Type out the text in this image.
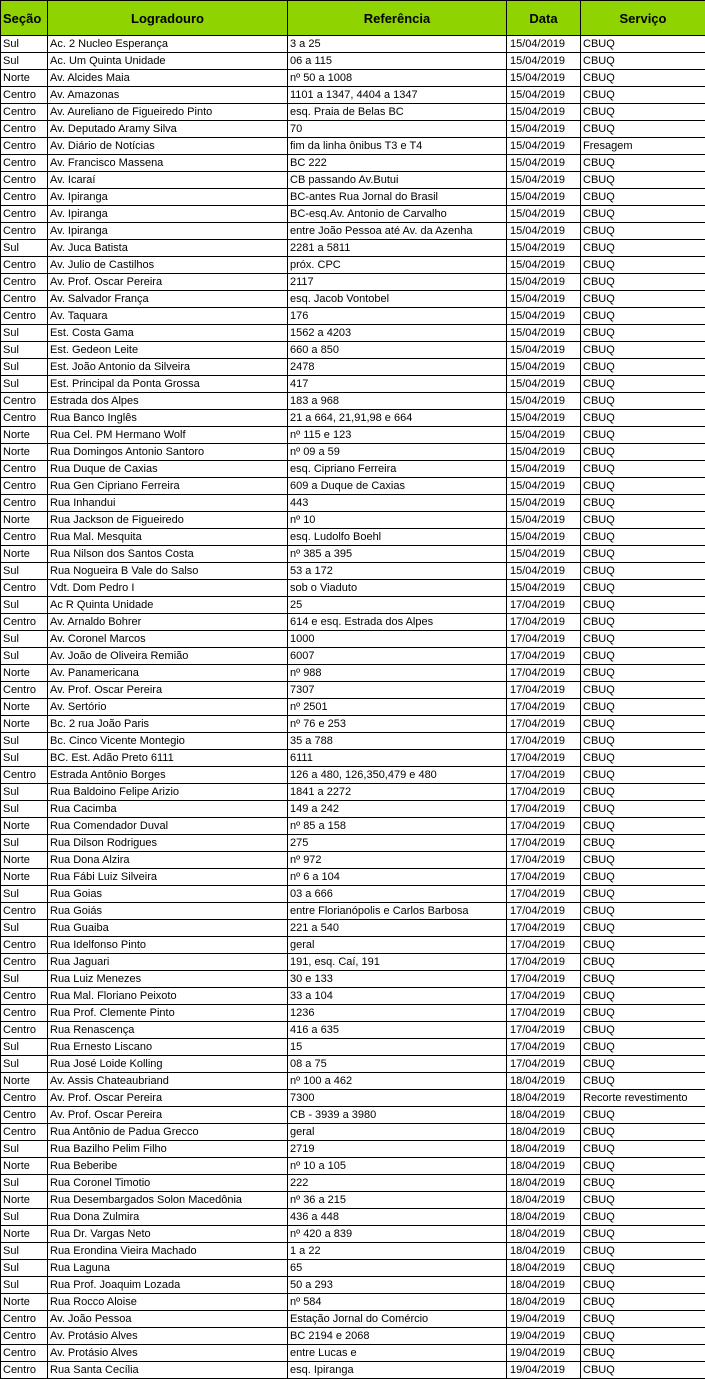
Seção	Logradouro	Referência	Data	Serviço
Sul	Ac. 2 Nucleo Esperança	3 a 25	15/04/2019	CBUQ
Sul	Ac. Um Quinta Unidade	06 a 115	15/04/2019	CBUQ
Norte	Av. Alcides Maia	nº 50 a 1008	15/04/2019	CBUQ
Centro	Av. Amazonas	1101 a 1347, 4404 a 1347	15/04/2019	CBUQ
Centro	Av. Aureliano de Figueiredo Pinto	esq. Praia de Belas BC	15/04/2019	CBUQ
Centro	Av. Deputado Aramy Silva	70	15/04/2019	CBUQ
Centro	Av. Diário de Notícias	fim da linha ônibus T3 e T4	15/04/2019	Fresagem
Centro	Av. Francisco Massena	BC 222	15/04/2019	CBUQ
Centro	Av. Icaraí	CB passando Av.Butui	15/04/2019	CBUQ
Centro	Av. Ipiranga	BC-antes Rua Jornal do Brasil	15/04/2019	CBUQ
Centro	Av. Ipiranga	BC-esq.Av. Antonio de Carvalho	15/04/2019	CBUQ
Centro	Av. Ipiranga	entre João Pessoa até Av. da Azenha	15/04/2019	CBUQ
Sul	Av. Juca Batista	2281 a 5811	15/04/2019	CBUQ
Centro	Av. Julio de Castilhos	próx. CPC	15/04/2019	CBUQ
Centro	Av. Prof. Oscar Pereira	2117	15/04/2019	CBUQ
Centro	Av. Salvador França	esq. Jacob Vontobel	15/04/2019	CBUQ
Centro	Av. Taquara	176	15/04/2019	CBUQ
Sul	Est. Costa Gama	1562 a 4203	15/04/2019	CBUQ
Sul	Est. Gedeon Leite	660 a 850	15/04/2019	CBUQ
Sul	Est. João Antonio da Silveira	2478	15/04/2019	CBUQ
Sul	Est. Principal da Ponta Grossa	417	15/04/2019	CBUQ
Centro	Estrada dos Alpes	183 a 968	15/04/2019	CBUQ
Centro	Rua Banco Inglês	21 a 664, 21,91,98 e 664	15/04/2019	CBUQ
Norte	Rua Cel. PM Hermano Wolf	nº 115 e 123	15/04/2019	CBUQ
Norte	Rua Domingos Antonio Santoro	nº 09 a 59	15/04/2019	CBUQ
Centro	Rua Duque de Caxias	esq. Cipriano Ferreira	15/04/2019	CBUQ
Centro	Rua Gen Cipriano Ferreira	609 a Duque de Caxias	15/04/2019	CBUQ
Centro	Rua Inhandui	443	15/04/2019	CBUQ
Norte	Rua Jackson de Figueiredo	nº 10	15/04/2019	CBUQ
Centro	Rua Mal. Mesquita	esq. Ludolfo Boehl	15/04/2019	CBUQ
Norte	Rua Nilson dos Santos Costa	nº 385 a 395	15/04/2019	CBUQ
Sul	Rua Nogueira B Vale do Salso	53 a 172	15/04/2019	CBUQ
Centro	Vdt. Dom Pedro I	sob o Viaduto	15/04/2019	CBUQ
Sul	Ac R Quinta Unidade	25	17/04/2019	CBUQ
Centro	Av. Arnaldo Bohrer	614 e esq. Estrada dos Alpes	17/04/2019	CBUQ
Sul	Av. Coronel Marcos	1000	17/04/2019	CBUQ
Sul	Av. João de Oliveira Remião	6007	17/04/2019	CBUQ
Norte	Av. Panamericana	nº 988	17/04/2019	CBUQ
Centro	Av. Prof. Oscar Pereira	7307	17/04/2019	CBUQ
Norte	Av. Sertório	nº 2501	17/04/2019	CBUQ
Norte	Bc. 2 rua João Paris	nº 76 e 253	17/04/2019	CBUQ
Sul	Bc. Cinco Vicente Montegio	35 a 788	17/04/2019	CBUQ
Sul	BC. Est. Adão Preto 6111	6111	17/04/2019	CBUQ
Centro	Estrada Antônio Borges	126 a 480, 126,350,479 e 480	17/04/2019	CBUQ
Sul	Rua Baldoino Felipe Arizio	1841 a 2272	17/04/2019	CBUQ
Sul	Rua Cacimba	149 a 242	17/04/2019	CBUQ
Norte	Rua Comendador Duval	nº 85 a 158	17/04/2019	CBUQ
Sul	Rua Dilson Rodrigues	275	17/04/2019	CBUQ
Norte	Rua Dona Alzira	nº 972	17/04/2019	CBUQ
Norte	Rua Fábi Luiz Silveira	nº 6 a 104	17/04/2019	CBUQ
Sul	Rua Goias	03 a 666	17/04/2019	CBUQ
Centro	Rua Goiás	entre Florianópolis e Carlos Barbosa	17/04/2019	CBUQ
Sul	Rua Guaiba	221 a 540	17/04/2019	CBUQ
Centro	Rua Idelfonso Pinto	geral	17/04/2019	CBUQ
Centro	Rua Jaguari	191, esq. Caí, 191	17/04/2019	CBUQ
Sul	Rua Luiz Menezes	30 e 133	17/04/2019	CBUQ
Centro	Rua Mal. Floriano Peixoto	33 a 104	17/04/2019	CBUQ
Centro	Rua Prof. Clemente Pinto	1236	17/04/2019	CBUQ
Centro	Rua Renascença	416 a 635	17/04/2019	CBUQ
Sul	Rua Ernesto Liscano	15	17/04/2019	CBUQ
Sul	Rua José Loide Kolling	08 a 75	17/04/2019	CBUQ
Norte	Av. Assis Chateaubriand	nº 100 a 462	18/04/2019	CBUQ
Centro	Av. Prof. Oscar Pereira	7300	18/04/2019	Recorte revestimento
Centro	Av. Prof. Oscar Pereira	CB - 3939 a 3980	18/04/2019	CBUQ
Centro	Rua Antônio de Padua Grecco	geral	18/04/2019	CBUQ
Sul	Rua Bazilho Pelim Filho	2719	18/04/2019	CBUQ
Norte	Rua Beberibe	nº 10 a 105	18/04/2019	CBUQ
Sul	Rua Coronel Timotio	222	18/04/2019	CBUQ
Norte	Rua Desembargados Solon Macedônia	nº 36 a 215	18/04/2019	CBUQ
Sul	Rua Dona Zulmira	436 a 448	18/04/2019	CBUQ
Norte	Rua Dr. Vargas Neto	nº 420 a 839	18/04/2019	CBUQ
Sul	Rua Erondina Vieira Machado	1 a 22	18/04/2019	CBUQ
Sul	Rua Laguna	65	18/04/2019	CBUQ
Sul	Rua Prof. Joaquim Lozada	50 a 293	18/04/2019	CBUQ
Norte	Rua Rocco Aloise	nº 584	18/04/2019	CBUQ
Centro	Av. João Pessoa	Estação Jornal do Comércio	19/04/2019	CBUQ
Centro	Av. Protásio Alves	BC 2194 e 2068	19/04/2019	CBUQ
Centro	Av. Protásio Alves	entre Lucas e	19/04/2019	CBUQ
Centro	Rua Santa Cecília	esq. Ipiranga	19/04/2019	CBUQ
